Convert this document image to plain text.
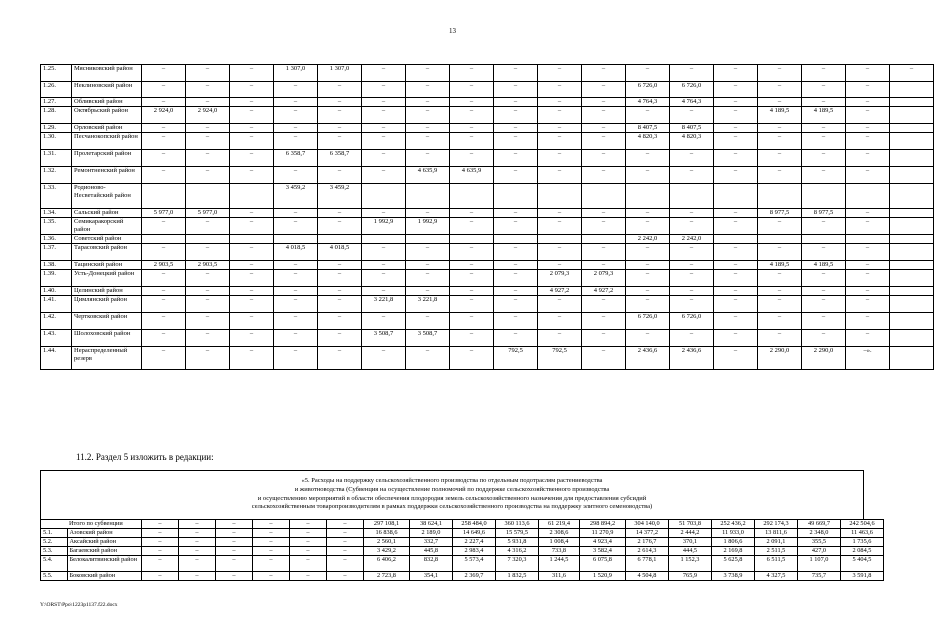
13
1.25.	Мясниковский район	–	–	–	1 307,0	1 307,0	–	–	–	–	–	–	–	–	–	–	–	–	–
1.26.	Неклиновский район	–	–	–	–	–	–	–	–	–	–	–	6 726,0	6 726,0	–	–	–	–	
1.27.	Обливский район	–	–	–	–	–	–	–	–	–	–	–	4 764,3	4 764,3	–	–	–	–	
1.28.	Октябрьский район	2 924,0	2 924,0	–	–	–	–	–	–	–	–	–	–	–	–	4 189,5	4 189,5	–	
1.29.	Орловский район	–	–	–	–	–	–	–	–	–	–	–	8 407,5	8 407,5	–	–	–	–	
1.30.	Песчанокопский район	–	–	–	–	–	–	–	–	–	–	–	4 820,3	4 820,3	–	–	–	–	
1.31.	Пролетарский район	–	–	–	6 358,7	6 358,7	–	–	–	–	–	–	–	–	–	–	–	–	
1.32.	Ремонтненский район	–	–	–	–	–	–	4 635,9	4 635,9	–	–	–	–	–	–	–	–	–	
1.33.	Родионово-Несветайский район				3 459,2	3 459,2													
1.34.	Сальский район	5 977,0	5 977,0	–	–	–	–	–	–	–	–	–	–	–	–	8 977,5	8 977,5	–	
1.35.	Семикаракорский район	–	–	–	–	–	1 992,9	1 992,9	–	–	–	–	–	–	–	–	–	–	
1.36.	Советский район												2 242,0	2 242,0					
1.37.	Тарасовский район	–	–	–	4 018,5	4 018,5	–	–	–	–	–	–	–	–	–	–	–	–	
1.38.	Тацинский район	2 903,5	2 903,5	–	–	–	–	–	–	–	–	–	–	–	–	4 189,5	4 189,5	–	
1.39.	Усть-Донецкий район	–	–	–	–	–	–	–	–	–	2 079,3	2 079,3	–	–	–	–	–	–	
1.40.	Целинский район	–	–	–	–	–	–	–	–	–	4 927,2	4 927,2	–	–	–	–	–	–	
1.41.	Цимлянский район	–	–	–	–	–	3 221,8	3 221,8	–	–	–	–	–	–	–	–	–	–	
1.42.	Чертковский район	–	–	–	–	–	–	–	–	–	–	–	6 726,0	6 726,0	–	–	–	–	
1.43.	Шолоховский район	–	–	–	–	–	3 508,7	3 508,7	–	–	–	–	–	–	–	–	–	–	
1.44.	Нераспределенный резерв	–	–	–	–	–	–	–	–	792,5	792,5	–	2 436,6	2 436,6	–	2 290,0	2 290,0	–».	
11.2. Раздел 5 изложить в редакции:
«5. Расходы на поддержку сельскохозяйственного производства по отдельным подотраслям растениеводства
и животноводства (Субвенция на осуществление полномочий по поддержке сельскохозяйственного производства
и осуществлению мероприятий в области обеспечения плодородия земель сельскохозяйственного назначения для предоставления субсидий
сельскохозяйственным товаропроизводителям в рамках поддержки сельскохозяйственного производства на поддержку элитного семеноводства)
	Итого по субвенции	–	–	–	–	–	–	297 108,1	38 624,1	258 484,0	360 113,6	61 219,4	298 894,2	304 140,0	51 703,8	252 436,2	292 174,3	49 669,7	242 504,6
5.1.	Азовский район	–	–	–	–	–	–	16 838,6	2 189,0	14 649,6	15 579,5	2 308,6	11 270,9	14 377,2	2 444,2	11 933,0	13 811,6	2 348,0	11 463,6
5.2.	Аксайский район	–	–	–	–	–	–	2 560,1	332,7	2 227,4	5 931,8	1 008,4	4 923,4	2 176,7	370,1	1 806,6	2 091,1	355,5	1 735,6
5.3.	Багаевский район	–	–	–	–	–	–	3 429,2	445,8	2 983,4	4 316,2	733,8	3 582,4	2 614,3	444,5	2 169,8	2 511,5	427,0	2 084,5
5.4.	Белокалитвинский район	–	–	–	–	–	–	6 406,2	832,8	5 573,4	7 320,3	1 244,5	6 075,8	6 778,1	1 152,3	5 625,8	6 511,5	1 107,0	5 404,5
5.5.	Боковский район	–	–	–	–	–	–	2 723,8	354,1	2 369,7	1 832,5	311,6	1 520,9	4 504,8	765,9	3 738,9	4 327,5	735,7	3 591,8
Y:\ORST\Ppo\1223p1137.f22.docx
